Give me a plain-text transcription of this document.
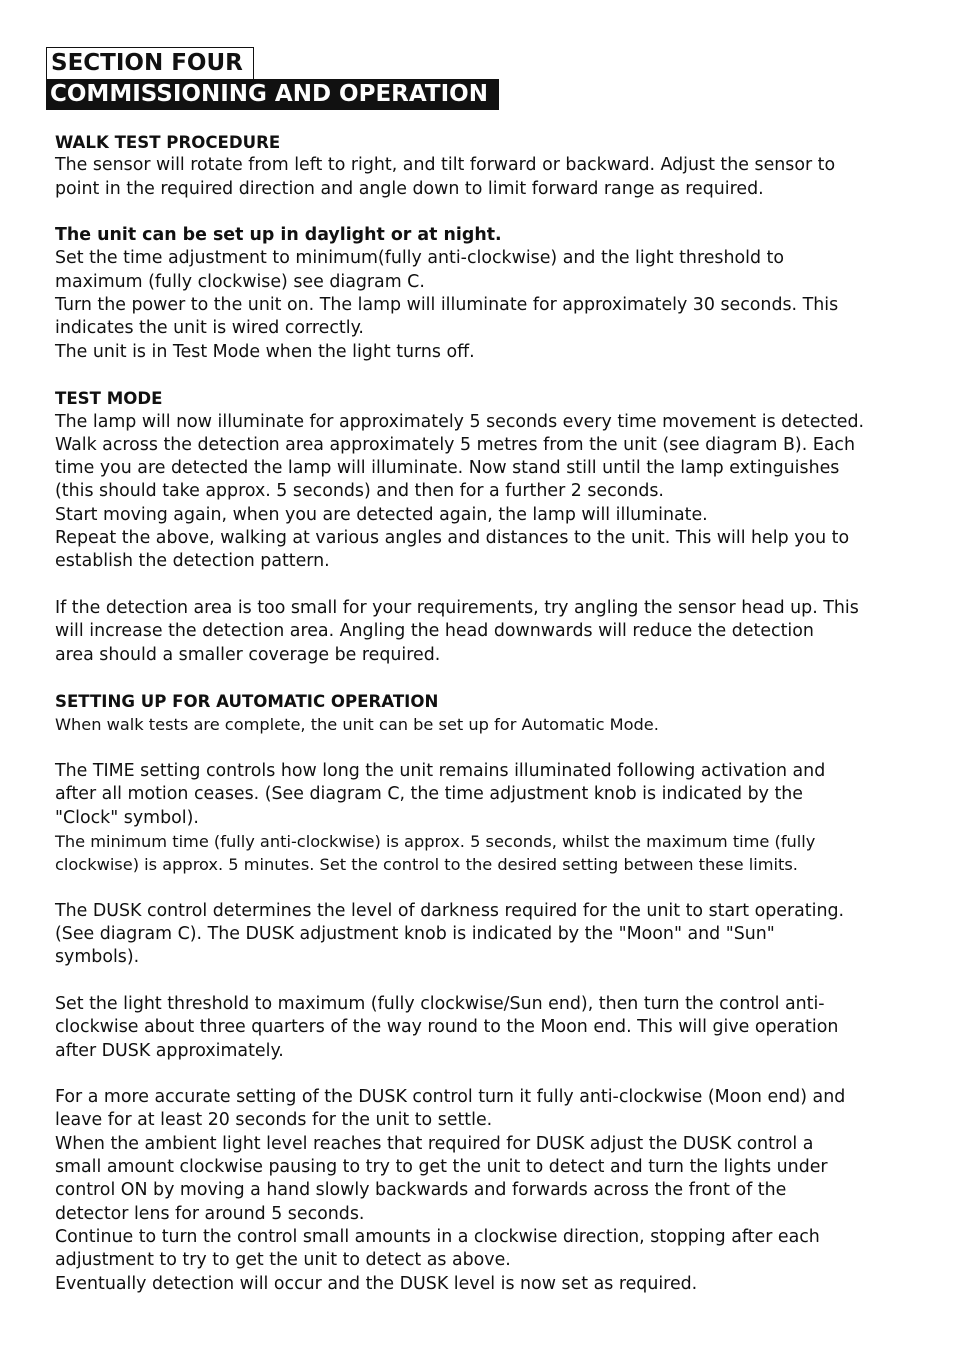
SECTION FOUR
COMMISSIONING AND OPERATION

WALK TEST PROCEDURE

The sensor will rotate from left to right, and tilt forward or backward. Adjust the sensor to
point in the required direction and angle down to limit forward range as required.

The unit can be set up in daylight or at night.

Set the time adjustment to minimum(fully anti-clockwise) and the light threshold to
maximum (fully clockwise) see diagram C.
Turn the power to the unit on. The lamp will illuminate for approximately 30 seconds. This
indicates the unit is wired correctly.
The unit is in Test Mode when the light turns off.

TEST MODE

The lamp will now illuminate for approximately 5 seconds every time movement is detected.
Walk across the detection area approximately 5 metres from the unit (see diagram B). Each
time you are detected the lamp will illuminate. Now stand still until the lamp extinguishes
(this should take approx. 5 seconds) and then for a further 2 seconds.
Start moving again, when you are detected again, the lamp will illuminate.
Repeat the above, walking at various angles and distances to the unit. This will help you to
establish the detection pattern.

If the detection area is too small for your requirements, try angling the sensor head up. This
will increase the detection area. Angling the head downwards will reduce the detection
area should a smaller coverage be required.

SETTING UP FOR AUTOMATIC OPERATION

When walk tests are complete, the unit can be set up for Automatic Mode.

The TIME setting controls how long the unit remains illuminated following activation and
after all motion ceases. (See diagram C, the time adjustment knob is indicated by the
"Clock" symbol).

The minimum time (fully anti-clockwise) is approx. 5 seconds, whilst the maximum time (fully
clockwise) is approx. 5 minutes. Set the control to the desired setting between these limits.

The DUSK control determines the level of darkness required for the unit to start operating.
(See diagram C). The DUSK adjustment knob is indicated by the "Moon" and "Sun"
symbols).

Set the light threshold to maximum (fully clockwise/Sun end), then turn the control anti-
clockwise about three quarters of the way round to the Moon end. This will give operation
after DUSK approximately.

For a more accurate setting of the DUSK control turn it fully anti-clockwise (Moon end) and
leave for at least 20 seconds for the unit to settle.
When the ambient light level reaches that required for DUSK adjust the DUSK control a
small amount clockwise pausing to try to get the unit to detect and turn the lights under
control ON by moving a hand slowly backwards and forwards across the front of the
detector lens for around 5 seconds.
Continue to turn the control small amounts in a clockwise direction, stopping after each
adjustment to try to get the unit to detect as above.
Eventually detection will occur and the DUSK level is now set as required.
